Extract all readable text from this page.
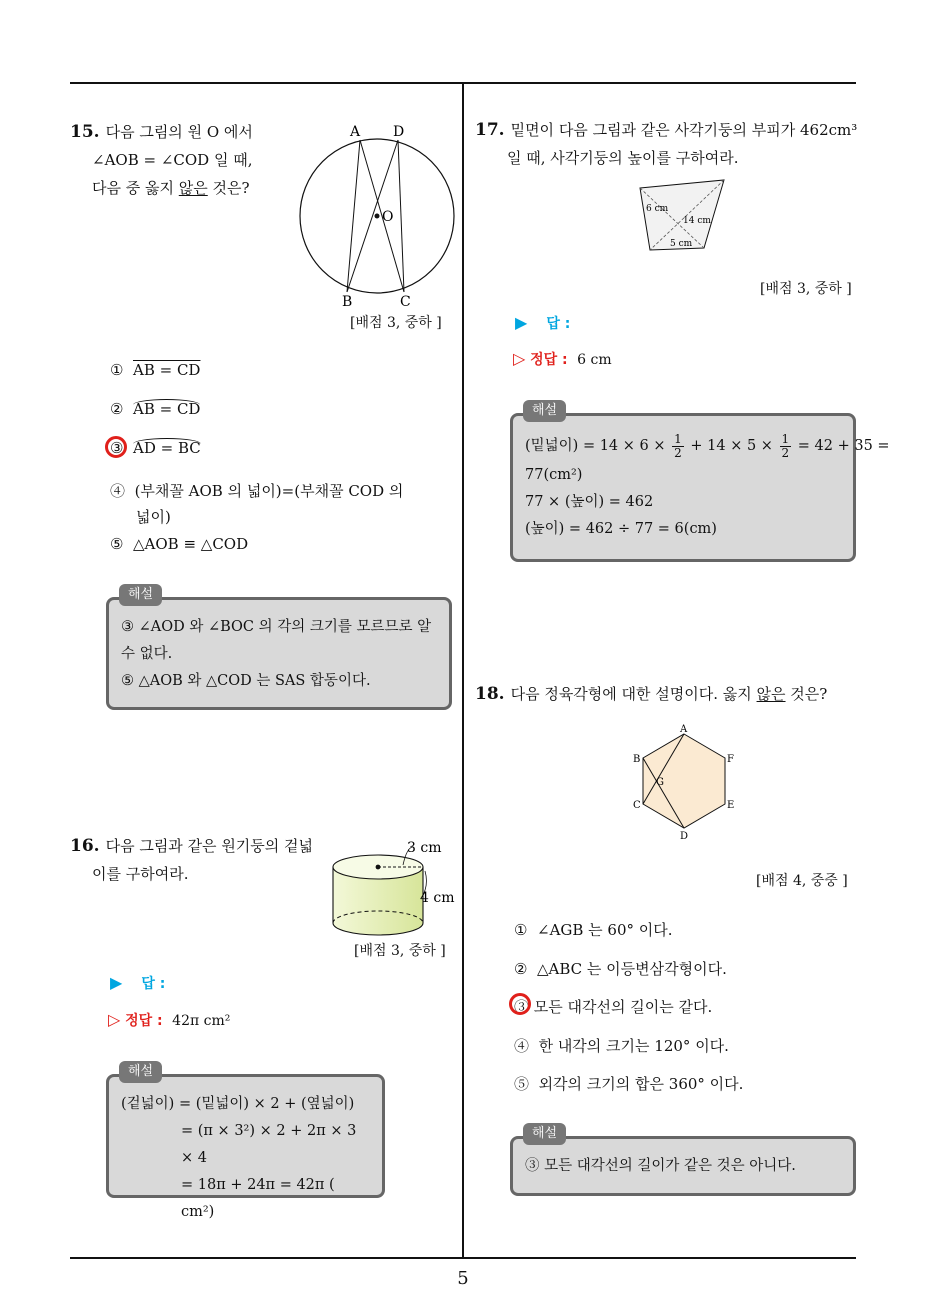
5
15. 다음 그림의 원 O 에서
∠AOB = ∠COD 일 때,
다음 중 옳지 않은 것은?
A D
O
B	C
[배점 3, 중하 ]
① AB = CD
② AB = CD
③ AD = BC
④ (부채꼴 AOB 의 넓이)=(부채꼴 COD 의
넓이)
⑤ △AOB ≡ △COD
해설
③ ∠AOD 와 ∠BOC 의 각의 크기를 모르므로 알
수 없다.
⑤ △AOB 와 △COD 는 SAS 합동이다.
16. 다음 그림과 같은 원기둥의 겉넓
이를 구하여라.
3 cm
4 cm
[배점 3, 중하 ]
▶ 답 :
▷ 정답 : 42π cm²
해설
(겉넓이) = (밑넓이) × 2 + (옆넓이)
= (π × 3²) × 2 + 2π × 3 × 4
= 18π + 24π = 42π ( cm²)
17. 밑면이 다음 그림과 같은 사각기둥의 부피가 462cm³
일 때, 사각기둥의 높이를 구하여라.
6 cm
14 cm
5 cm
[배점 3, 중하 ]
▶ 답 :
▷ 정답 : 6 cm
해설
(밑넓이) = $14 \times 6 \times \frac{1}{2} + 14 \times 5 \times \frac{1}{2} = 42 + 35$ =
77(cm²)
77 × (높이) = 462
(높이) = 462 ÷ 77 = 6(cm)
18. 다음 정육각형에 대한 설명이다. 옳지 않은 것은?
A
B
C
D
E
F
G
[배점 4, 중중 ]
① ∠AGB 는 60° 이다.
② △ABC 는 이등변삼각형이다.
③ 모든 대각선의 길이는 같다.
④ 한 내각의 크기는 120° 이다.
⑤ 외각의 크기의 합은 360° 이다.
해설
③ 모든 대각선의 길이가 같은 것은 아니다.
